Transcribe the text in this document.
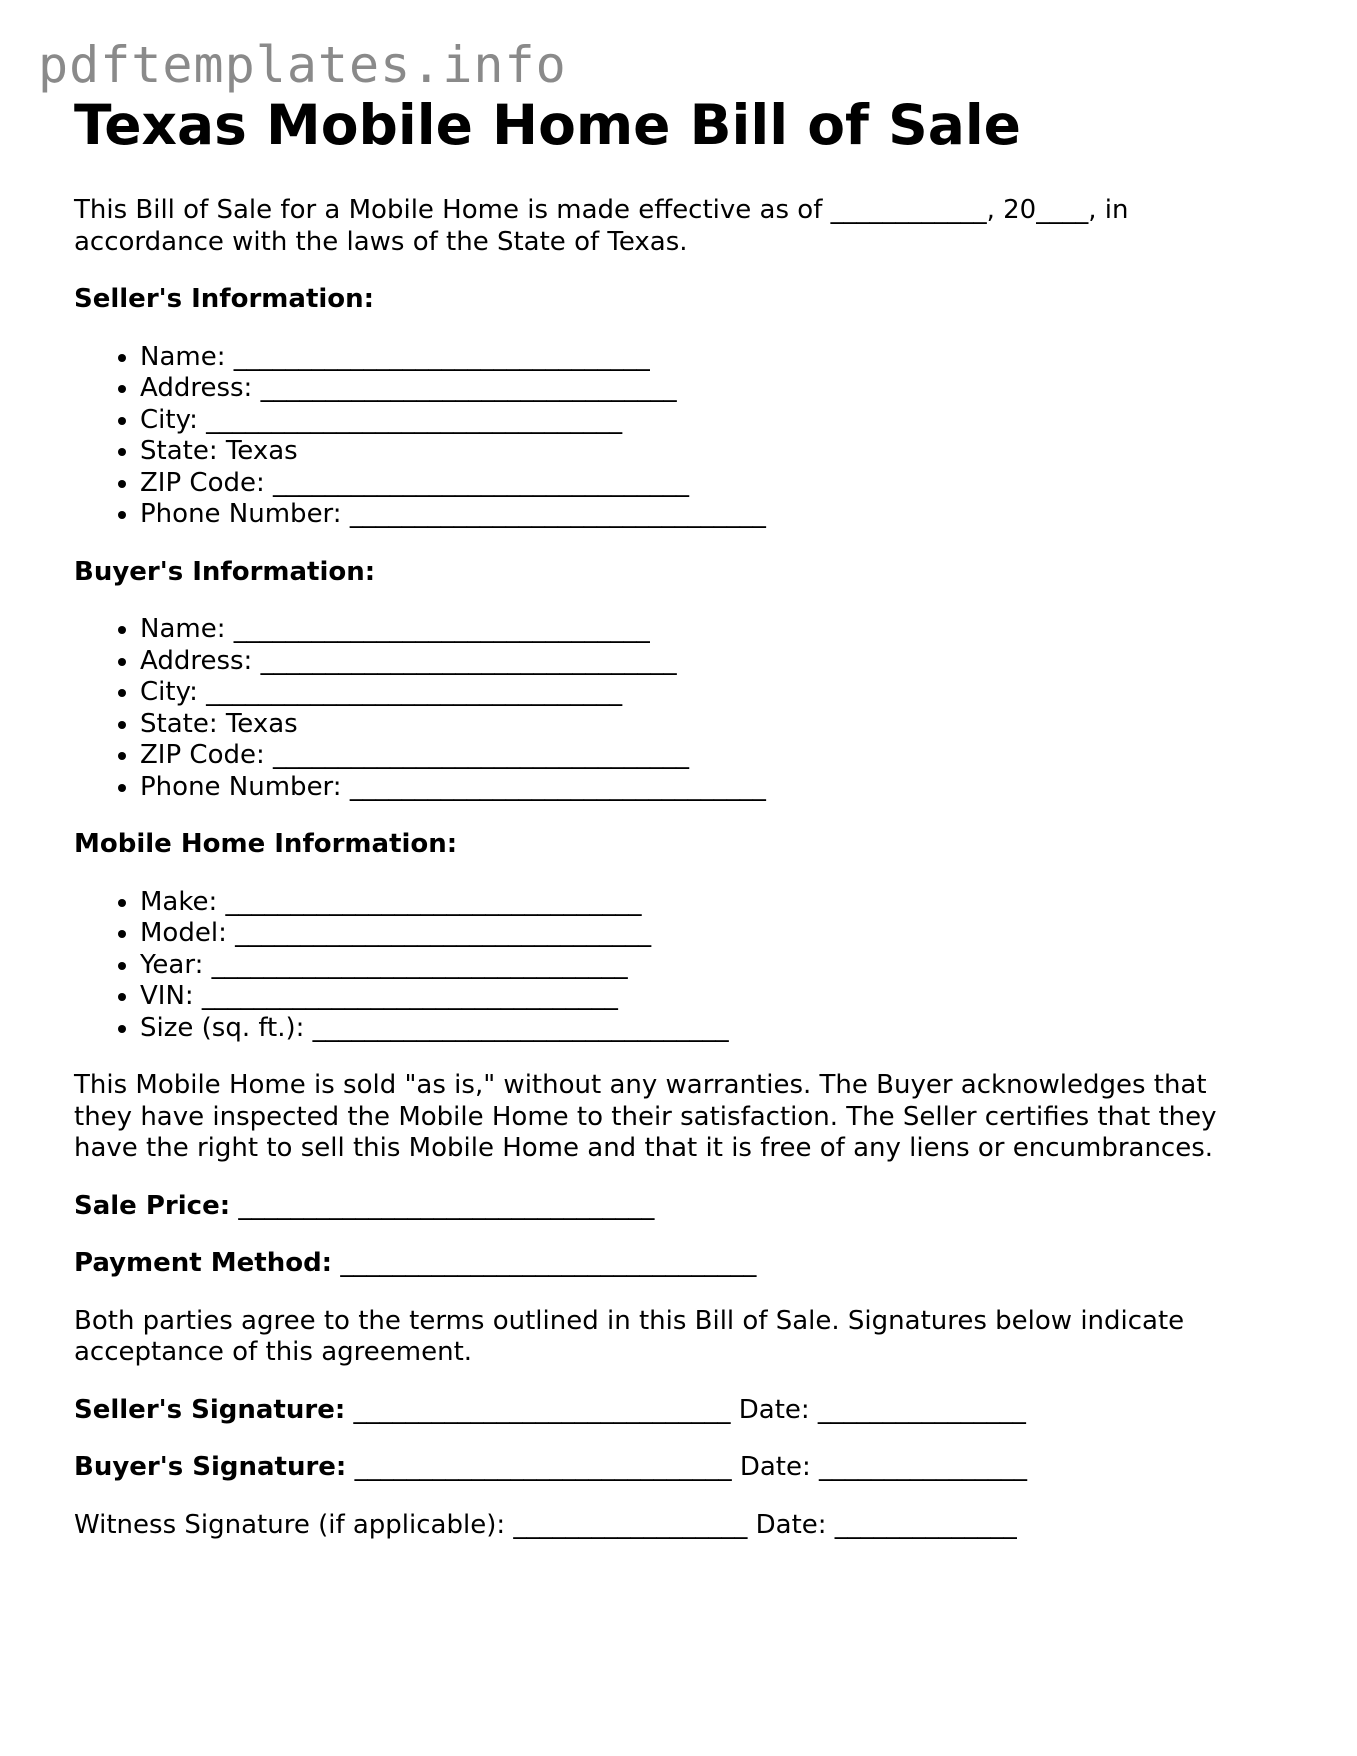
pdftemplates.info
Texas Mobile Home Bill of Sale

This Bill of Sale for a Mobile Home is made effective as of ____________, 20____, in
accordance with the laws of the State of Texas.

Seller's Information:
• Name: ________________________________
• Address: ________________________________
• City: ________________________________
• State: Texas
• ZIP Code: ________________________________
• Phone Number: ________________________________
Buyer's Information:
• Name: ________________________________
• Address: ________________________________
• City: ________________________________
• State: Texas
• ZIP Code: ________________________________
• Phone Number: ________________________________
Mobile Home Information:
• Make: ________________________________
• Model: ________________________________
• Year: ________________________________
• VIN: ________________________________
• Size (sq. ft.): ________________________________

This Mobile Home is sold "as is," without any warranties. The Buyer acknowledges that
they have inspected the Mobile Home to their satisfaction. The Seller certifies that they
have the right to sell this Mobile Home and that it is free of any liens or encumbrances.

Sale Price: ________________________________
Payment Method: ________________________________

Both parties agree to the terms outlined in this Bill of Sale. Signatures below indicate
acceptance of this agreement.

Seller's Signature: _____________________________ Date: ________________
Buyer's Signature: _____________________________ Date: ________________
Witness Signature (if applicable): __________________ Date: ______________
